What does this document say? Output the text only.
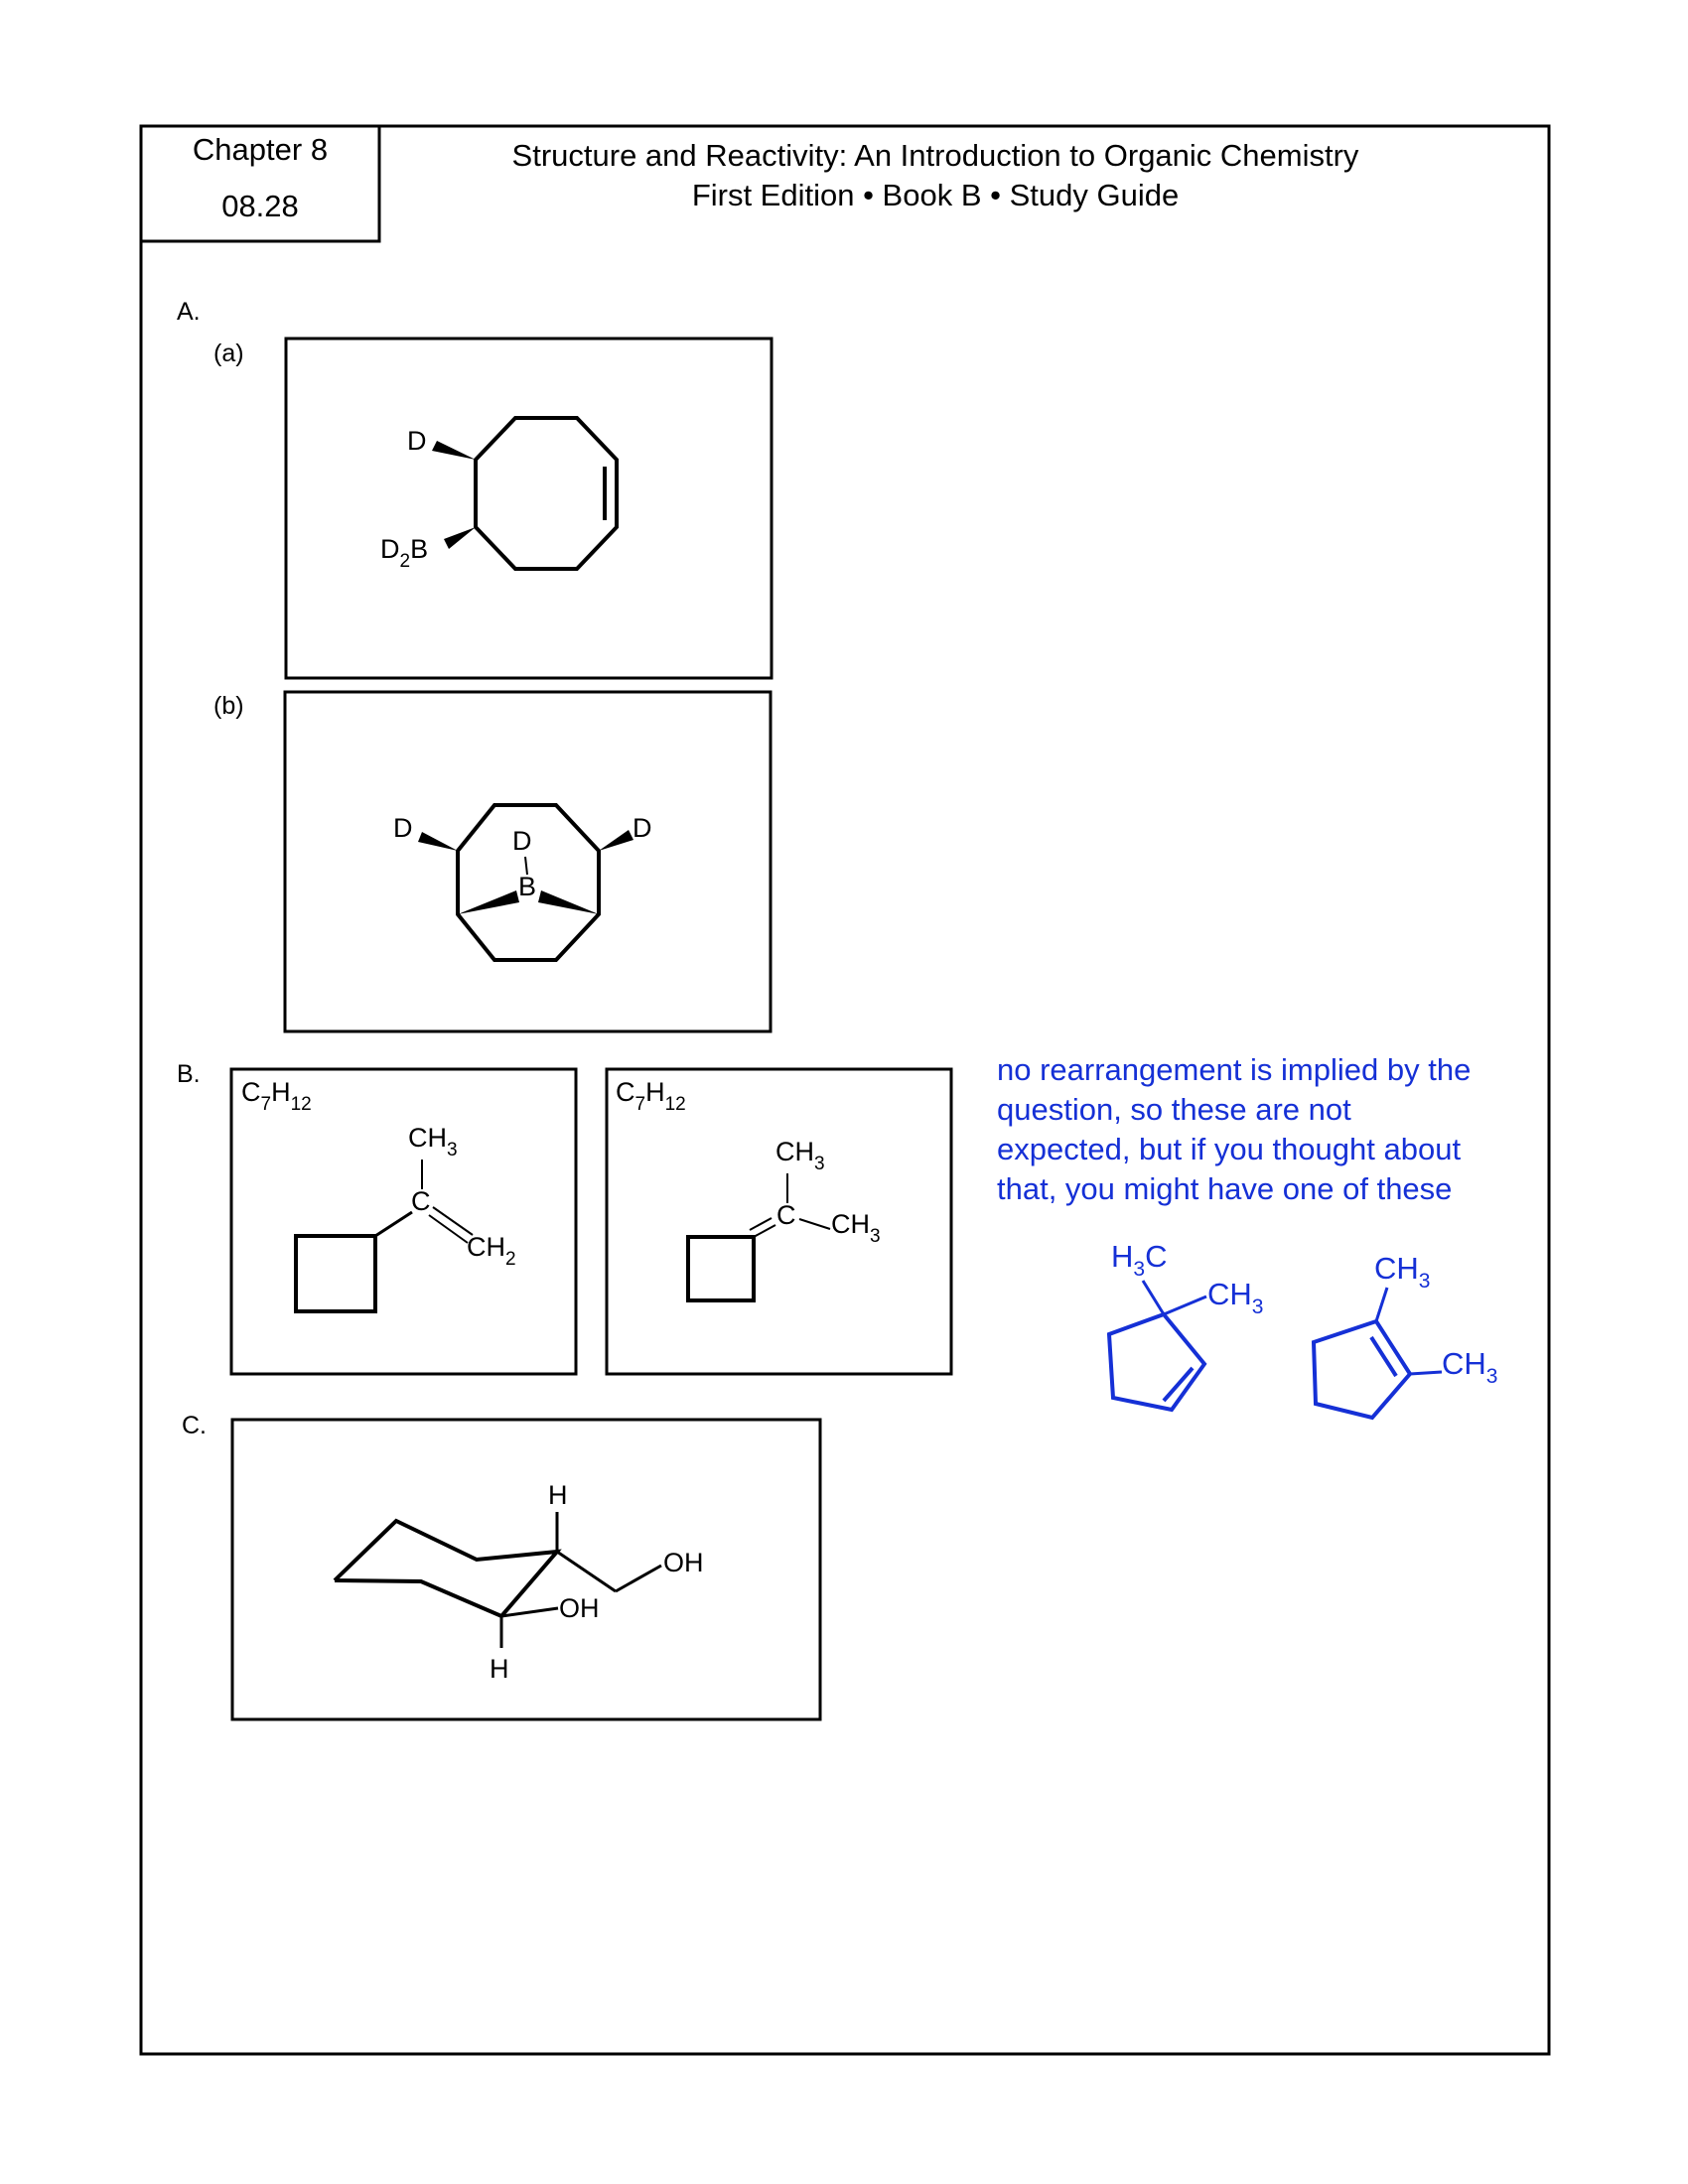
Chapter 8
08.28
Structure and Reactivity: An Introduction to Organic Chemistry
First Edition • Book B • Study Guide
A.
(a)
D
$D_2B$
(b)
D	D
D
B
B.
$C_7H_{12}$
$CH_3$
C
$CH_2$
$C_7H_{12}$
$CH_3$
C $CH_3$
no rearrangement is implied by the
question, so these are not
expected, but if you thought about
that, you might have one of these
$H_3C$
$CH_3$
$CH_3$
$CH_3$
C.
H
H
OH
OH
